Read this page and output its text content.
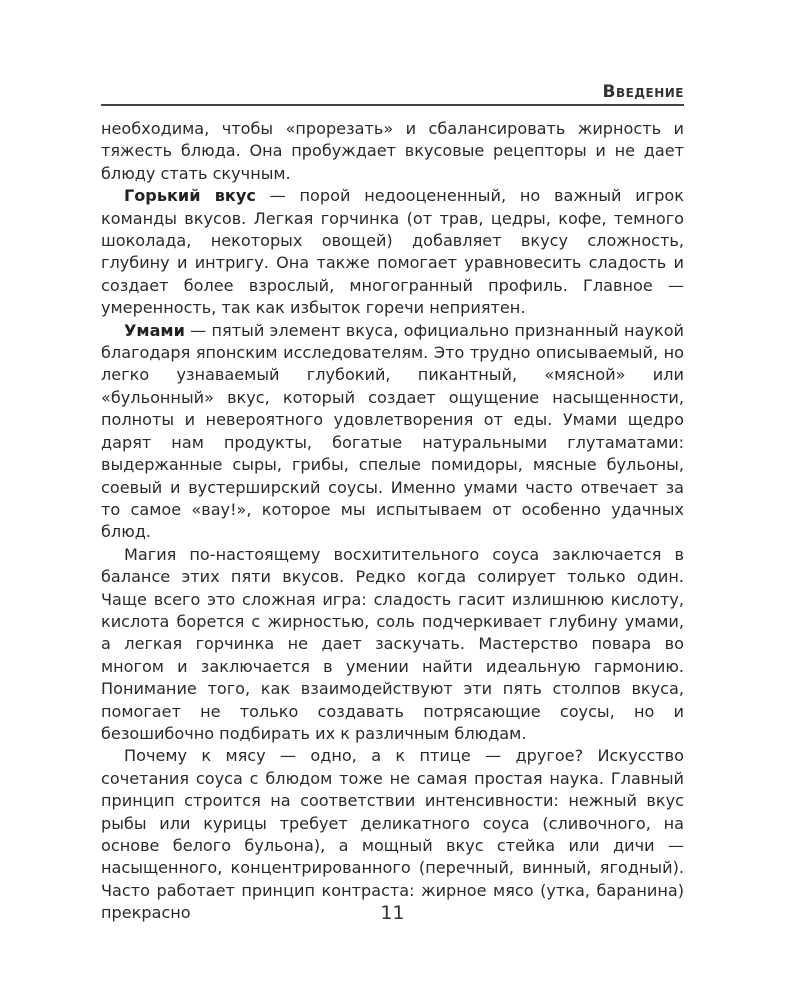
Введение

необходима, чтобы «прорезать» и сбалансировать жирность и тяжесть блюда. Она пробуждает вкусовые рецепторы и не дает блюду стать скучным.

Горький вкус — порой недооцененный, но важный игрок команды вкусов. Легкая горчинка (от трав, цедры, кофе, темного шоколада, некоторых овощей) добавляет вкусу сложность, глубину и интригу. Она также помогает уравновесить сладость и создает более взрослый, многогранный профиль. Главное — умеренность, так как избыток горечи неприятен.

Умами — пятый элемент вкуса, официально признанный наукой благодаря японским исследователям. Это трудно описываемый, но легко узнаваемый глубокий, пикантный, «мясной» или «бульонный» вкус, который создает ощущение насыщенности, полноты и невероятного удовлетворения от еды. Умами щедро дарят нам продукты, богатые натуральными глутаматами: выдержанные сыры, грибы, спелые помидоры, мясные бульоны, соевый и вустерширский соусы. Именно умами часто отвечает за то самое «вау!», которое мы испытываем от особенно удачных блюд.

Магия по-настоящему восхитительного соуса заключается в балансе этих пяти вкусов. Редко когда солирует только один. Чаще всего это сложная игра: сладость гасит излишнюю кислоту, кислота борется с жирностью, соль подчеркивает глубину умами, а легкая горчинка не дает заскучать. Мастерство повара во многом и заключается в умении найти идеальную гармонию. Понимание того, как взаимодействуют эти пять столпов вкуса, помогает не только создавать потрясающие соусы, но и безошибочно подбирать их к различным блюдам.

Почему к мясу — одно, а к птице — другое? Искусство сочетания соуса с блюдом тоже не самая простая наука. Главный принцип строится на соответствии интенсивности: нежный вкус рыбы или курицы требует деликатного соуса (сливочного, на основе белого бульона), а мощный вкус стейка или дичи — насыщенного, концентрированного (перечный, винный, ягодный). Часто работает принцип контраста: жирное мясо (утка, баранина) прекрасно	11
